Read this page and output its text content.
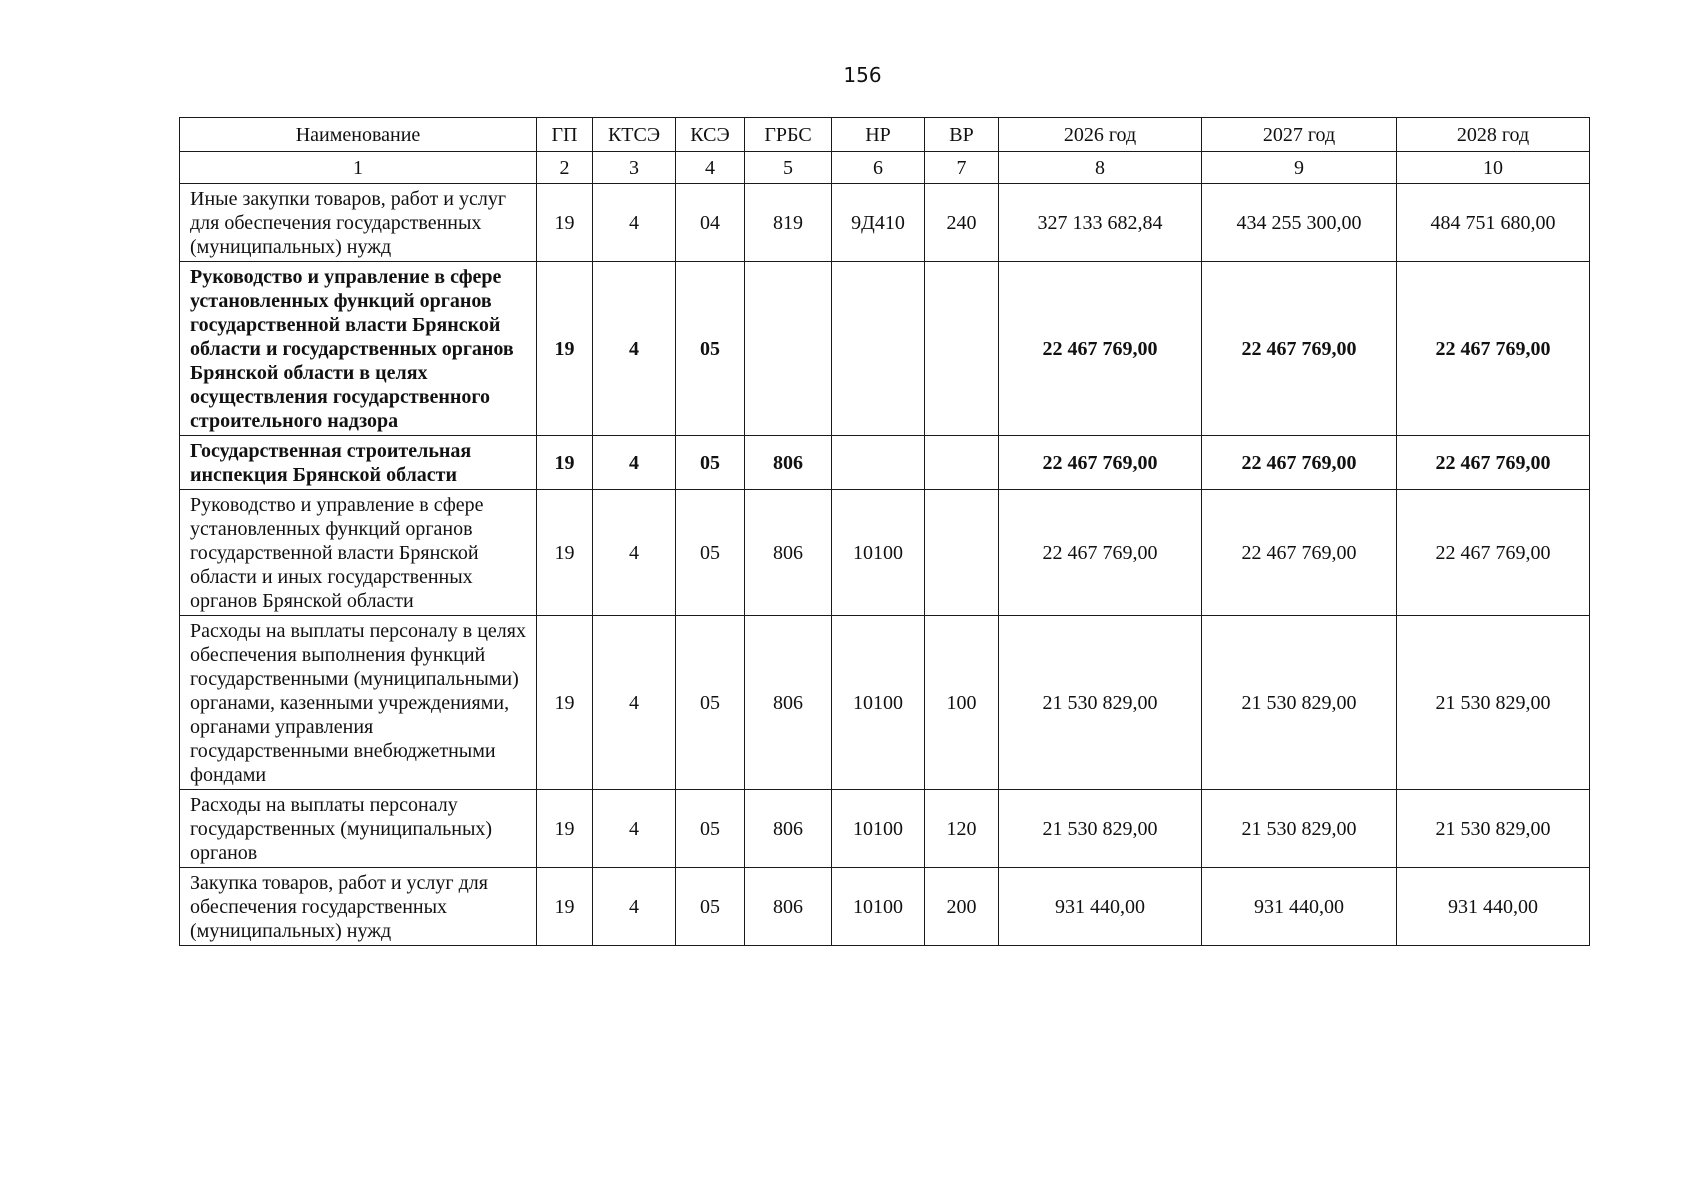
156
Наименование	ГП	КТСЭ	КСЭ	ГРБС	НР	ВР	2026 год	2027 год	2028 год
1	2	3	4	5	6	7	8	9	10
Иные закупки товаров, работ и услуг для обеспечения государственных (муниципальных) нужд	19	4	04	819	9Д410	240	327 133 682,84	434 255 300,00	484 751 680,00
Руководство и управление в сфере установленных функций органов государственной власти Брянской области и государственных органов Брянской области в целях осуществления государственного строительного надзора	19	4	05				22 467 769,00	22 467 769,00	22 467 769,00
Государственная строительная инспекция Брянской области	19	4	05	806			22 467 769,00	22 467 769,00	22 467 769,00
Руководство и управление в сфере установленных функций органов государственной власти Брянской области и иных государственных органов Брянской области	19	4	05	806	10100		22 467 769,00	22 467 769,00	22 467 769,00
Расходы на выплаты персоналу в целях обеспечения выполнения функций государственными (муниципальными) органами, казенными учреждениями, органами управления государственными внебюджетными фондами	19	4	05	806	10100	100	21 530 829,00	21 530 829,00	21 530 829,00
Расходы на выплаты персоналу государственных (муниципальных) органов	19	4	05	806	10100	120	21 530 829,00	21 530 829,00	21 530 829,00
Закупка товаров, работ и услуг для обеспечения государственных (муниципальных) нужд	19	4	05	806	10100	200	931 440,00	931 440,00	931 440,00
